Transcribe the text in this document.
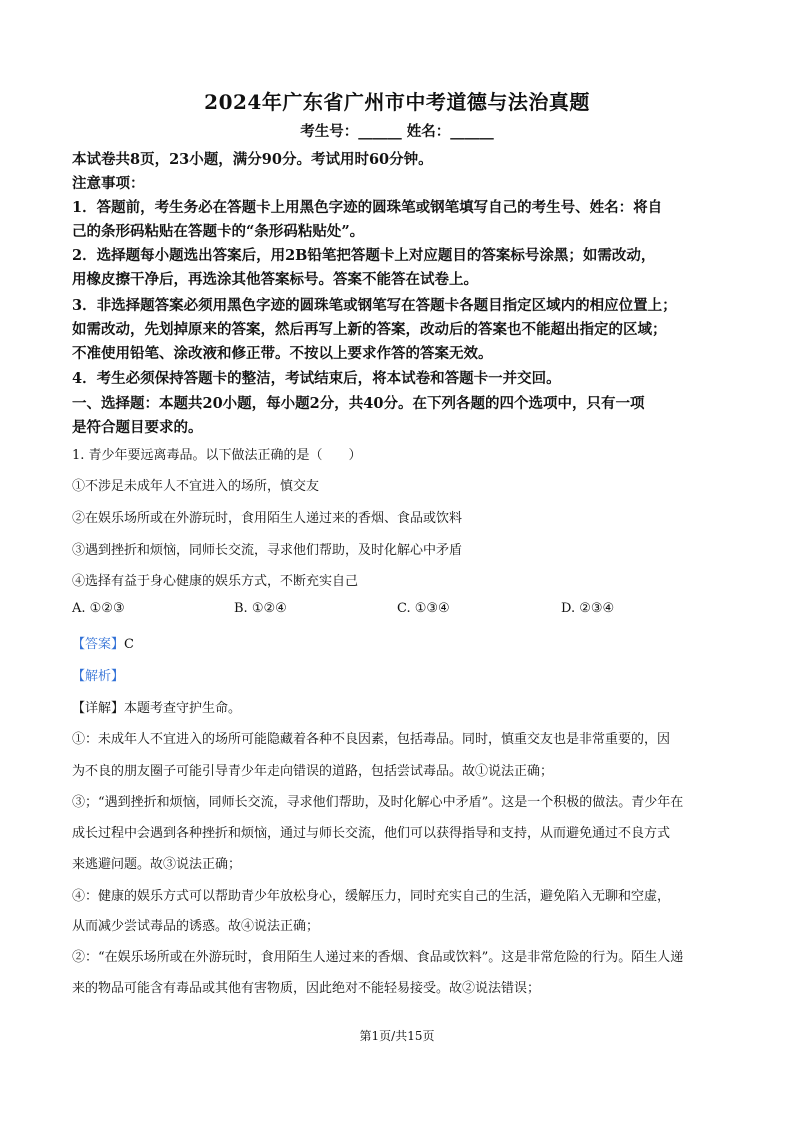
2024年广东省广州市中考道德与法治真题
考生号：______ 姓名：______
本试卷共8页，23小题，满分90分。考试用时60分钟。
注意事项：
1．答题前，考生务必在答题卡上用黑色字迹的圆珠笔或钢笔填写自己的考生号、姓名：将自
己的条形码粘贴在答题卡的“条形码粘贴处”。
2．选择题每小题选出答案后，用2B铅笔把答题卡上对应题目的答案标号涂黑；如需改动，
用橡皮擦干净后，再选涂其他答案标号。答案不能答在试卷上。
3．非选择题答案必须用黑色字迹的圆珠笔或钢笔写在答题卡各题目指定区域内的相应位置上；
如需改动，先划掉原来的答案，然后再写上新的答案，改动后的答案也不能超出指定的区域；
不准使用铅笔、涂改液和修正带。不按以上要求作答的答案无效。
4．考生必须保持答题卡的整洁，考试结束后，将本试卷和答题卡一并交回。
一、选择题：本题共20小题，每小题2分，共40分。在下列各题的四个选项中，只有一项
是符合题目要求的。
1. 青少年要远离毒品。以下做法正确的是（　　）
①不涉足未成年人不宜进入的场所，慎交友
②在娱乐场所或在外游玩时，食用陌生人递过来的香烟、食品或饮料
③遇到挫折和烦恼，同师长交流，寻求他们帮助，及时化解心中矛盾
④选择有益于身心健康的娱乐方式，不断充实自己
A. ①②③	B. ①②④	C. ①③④	D. ②③④
【答案】C
【解析】
【详解】本题考查守护生命。
①：未成年人不宜进入的场所可能隐藏着各种不良因素，包括毒品。同时，慎重交友也是非常重要的，因
为不良的朋友圈子可能引导青少年走向错误的道路，包括尝试毒品。故①说法正确；
③；“遇到挫折和烦恼，同师长交流，寻求他们帮助，及时化解心中矛盾”。这是一个积极的做法。青少年在
成长过程中会遇到各种挫折和烦恼，通过与师长交流，他们可以获得指导和支持，从而避免通过不良方式
来逃避问题。故③说法正确；
④：健康的娱乐方式可以帮助青少年放松身心，缓解压力，同时充实自己的生活，避免陷入无聊和空虚，
从而减少尝试毒品的诱惑。故④说法正确；
②：“在娱乐场所或在外游玩时，食用陌生人递过来的香烟、食品或饮料”。这是非常危险的行为。陌生人递
来的物品可能含有毒品或其他有害物质，因此绝对不能轻易接受。故②说法错误；
第1页/共15页
